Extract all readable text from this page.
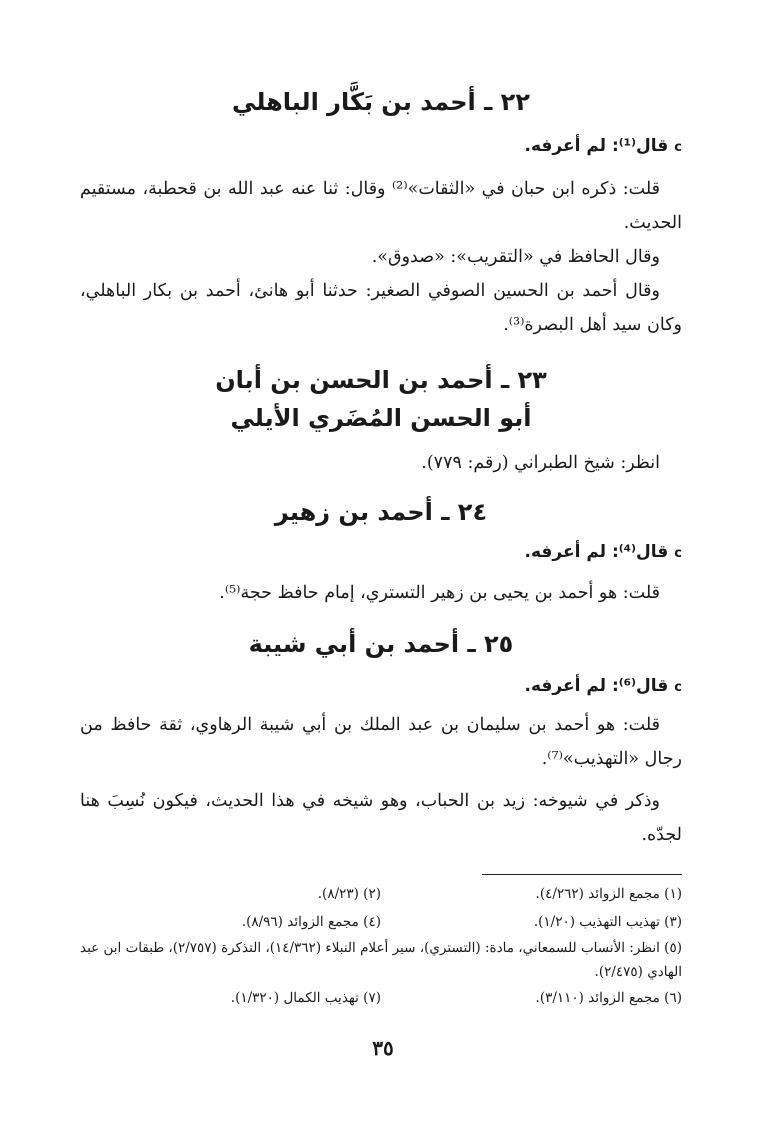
٢٢ ـ أحمد بن بَكَّار الباهلي
cقال⁽¹⁾: لم أعرفه.

قلت: ذكره ابن حبان في «الثقات»⁽²⁾ وقال: ثنا عنه عبد الله بن قحطبة، مستقيم الحديث.

وقال الحافظ في «التقريب»: «صدوق».

وقال أحمد بن الحسين الصوفي الصغير: حدثنا أبو هانئ، أحمد بن بكار الباهلي، وكان سيد أهل البصرة⁽³⁾.

٢٣ ـ أحمد بن الحسن بن أبان
أبو الحسن المُضَري الأيلي

انظر: شيخ الطبراني (رقم: ٧٧٩).

٢٤ ـ أحمد بن زهير
cقال⁽⁴⁾: لم أعرفه.

قلت: هو أحمد بن يحيى بن زهير التستري، إمام حافظ حجة⁽⁵⁾.

٢٥ ـ أحمد بن أبي شيبة
cقال⁽⁶⁾: لم أعرفه.

قلت: هو أحمد بن سليمان بن عبد الملك بن أبي شيبة الرهاوي، ثقة حافظ من رجال «التهذيب»⁽⁷⁾.

وذكر في شيوخه: زيد بن الحباب، وهو شيخه في هذا الحديث، فيكون نُسِبَ هنا لجدّه.

(١) مجمع الزوائد (٤/٢٦٢).
(٢) (٨/٢٣).
(٣) تهذيب التهذيب (١/٢٠).
(٤) مجمع الزوائد (٨/٩٦).
(٥) انظر: الأنساب للسمعاني، مادة: (التستري)، سير أعلام النبلاء (١٤/٣٦٢)، التذكرة (٢/٧٥٧)، طبقات ابن عبد الهادي (٢/٤٧٥).
(٦) مجمع الزوائد (٣/١١٠).
(٧) تهذيب الكمال (١/٣٢٠).
٣٥
